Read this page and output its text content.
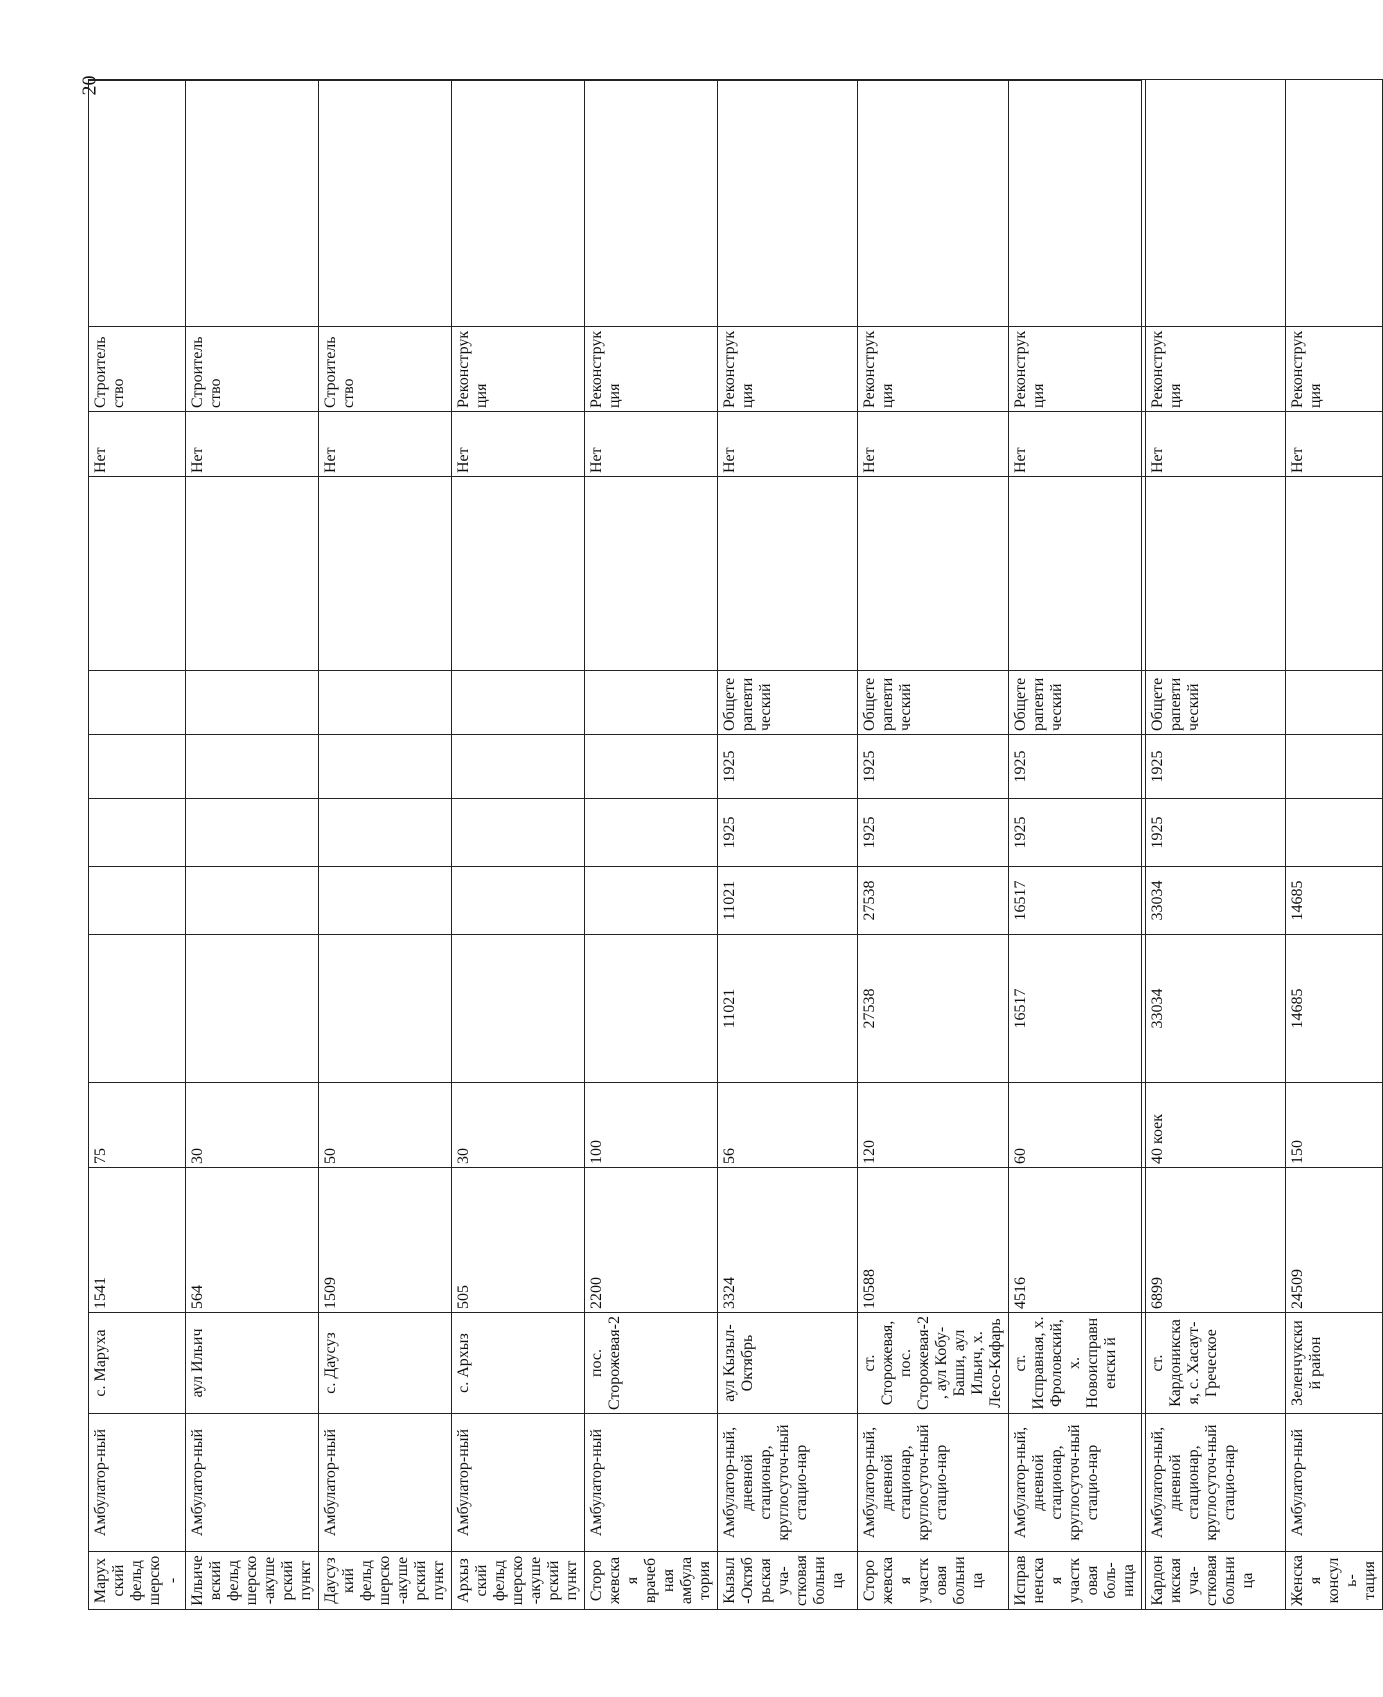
20
Марухский фельдшерско-	Амбулатор-ный	с. Маруха	1541	75							Нет	Строительство	
Ильичевский фельдшерско-акушерский пункт	Амбулатор-ный	аул Ильич	564	30							Нет	Строительство	
Даусузкий фельдшерско-акушерский пункт	Амбулатор-ный	с. Даусуз	1509	50							Нет	Строительство	
Архызский фельдшерско-акушерский пункт	Амбулатор-ный	с. Архыз	505	30							Нет	Реконструкция	
Сторожевская врачебная амбулатория	Амбулатор-ный	пос. Сторожевая-2	2200	100							Нет	Реконструкция	
Кызыл-Октябрьская уча-стковая больница	Амбулатор-ный, дневной стационар, круглосуточ-ный стацио-нар	аул Кызыл-Октябрь	3324	56	11021	11021	1925	1925	Общетерапевтический		Нет	Реконструкция	
Сторожевская участковая больница	Амбулатор-ный, дневной стационар, круглосуточ-ный стацио-нар	ст. Сторожевая, пос. Сторожевая-2, аул Кобу-Баши, аул Ильич, х. Лесо-Кяфарь	10588	120	27538	27538	1925	1925	Общетерапевтический		Нет	Реконструкция	
Исправненская участковая боль-ница	Амбулатор-ный, дневной стационар, круглосуточ-ный стацио-нар	ст. Исправная, х. Фроловский, х. Новоисправненски й	4516	60	16517	16517	1925	1925	Общетерапевтический		Нет	Реконструкция	
Кардоникская уча-стковая больница	Амбулатор-ный, дневной стационар, круглосуточ-ный стацио-нар	ст. Кардоникская, с. Хасаут-Греческое	6899	40 коек	33034	33034	1925	1925	Общетерапевтический		Нет	Реконструкция	
Женская консуль-тация	Амбулатор-ный	Зеленчукский район	24509	150	14685	14685					Нет	Реконструкция	
